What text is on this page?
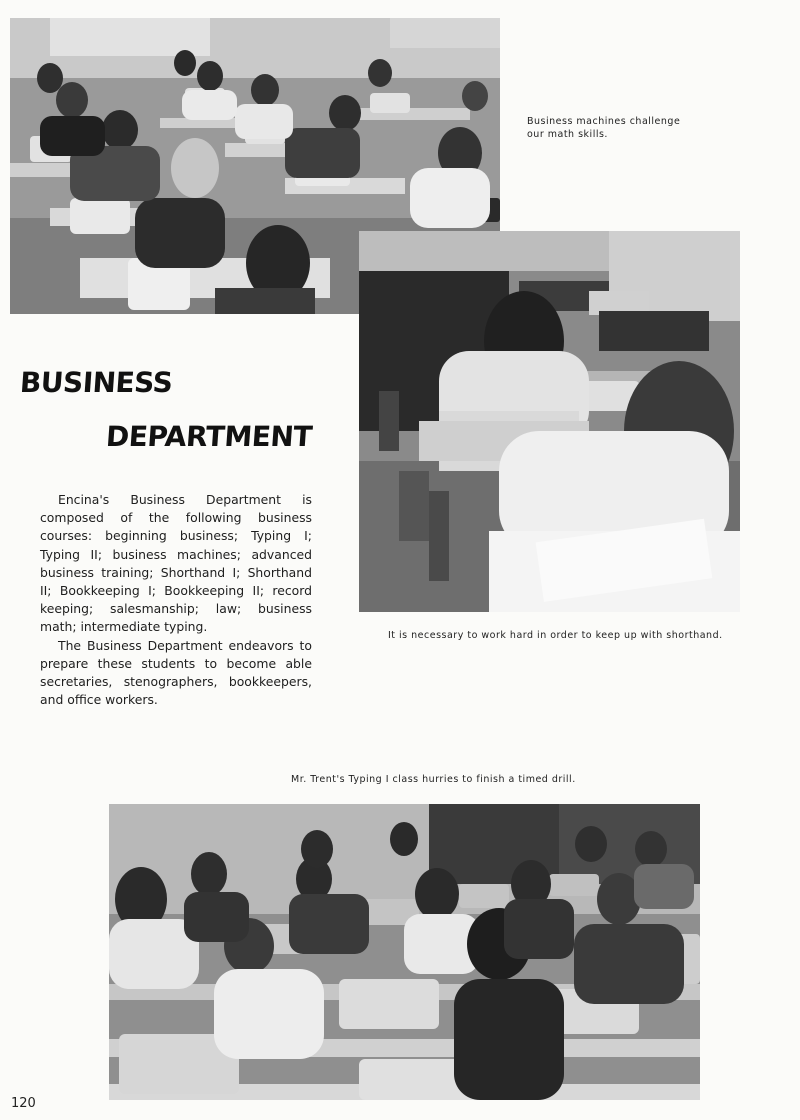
Business machines challenge our math skills.
It is necessary to work hard in order to keep up with shorthand.
BUSINESS
DEPARTMENT

Encina's Business Department is composed of the following business courses: beginning business; Typing I; Typing II; business machines; advanced business training; Shorthand I; Shorthand II; Bookkeeping I; Bookkeeping II; record keeping; salesmanship; law; business math; intermediate typing.

The Business Department endeavors to prepare these students to become able secretaries, stenographers, bookkeepers, and office workers.

Mr. Trent's Typing I class hurries to finish a timed drill.
120
